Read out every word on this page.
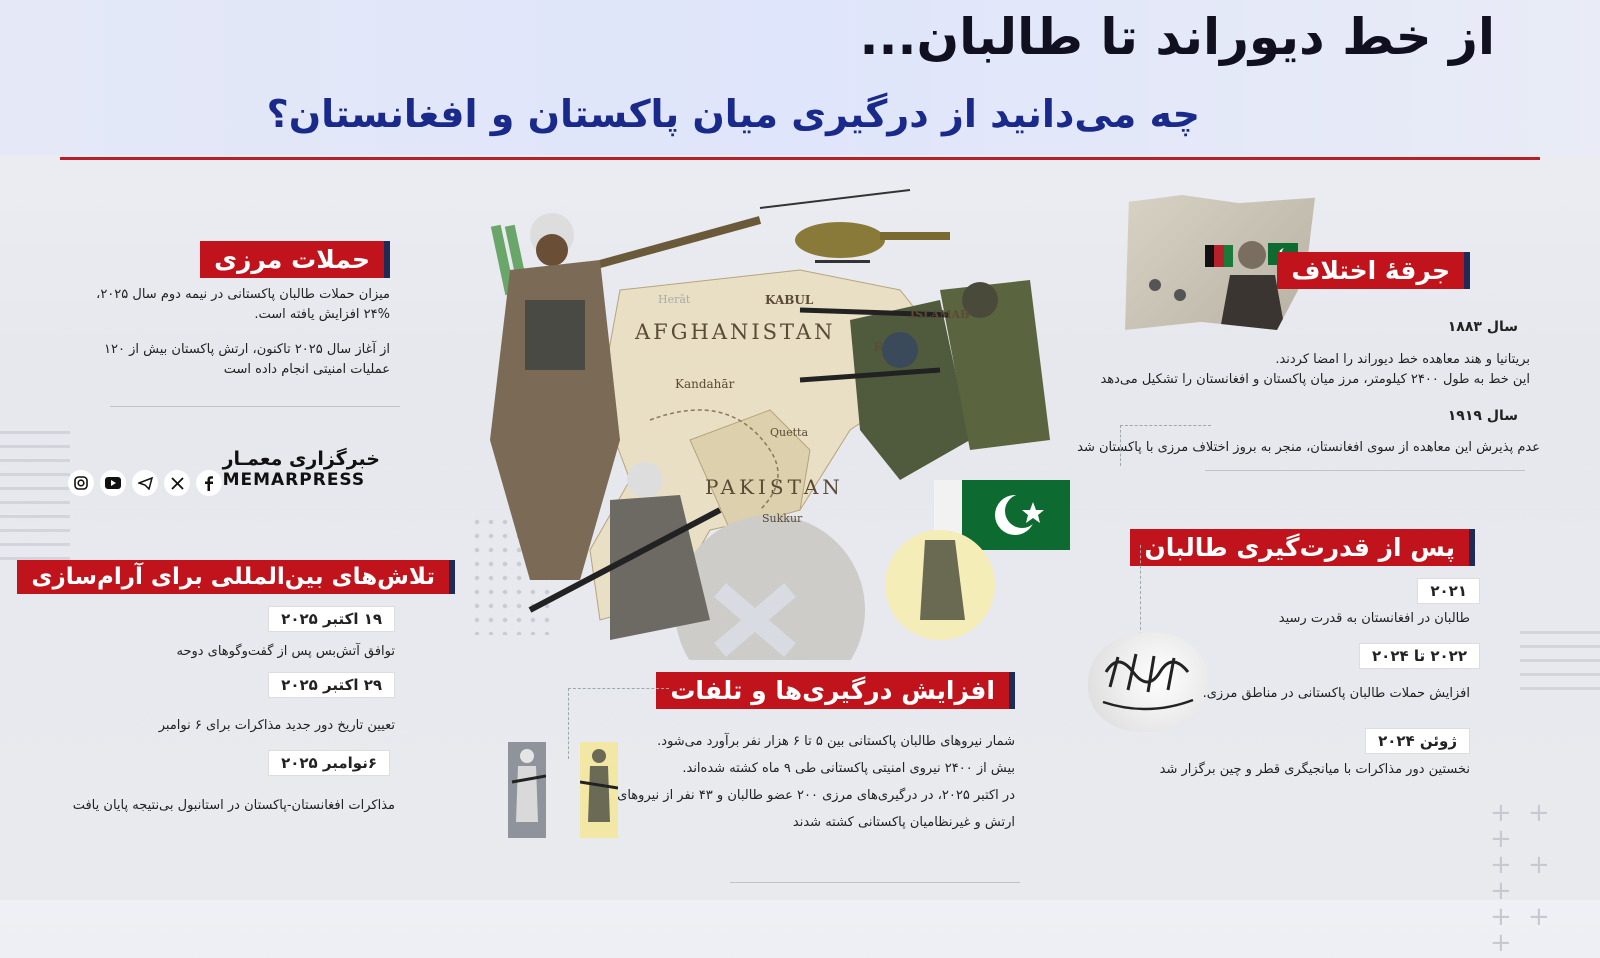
از خط دیوراند تا طالبان...
چه می‌دانید از درگیری میان پاکستان و افغانستان؟
+ + +
+ + +
+ + +
حملات مرزی
میزان حملات طالبان پاکستانی در نیمه دوم سال ۲۰۲۵،
۲۴% افزایش یافته است.
از آغاز سال ۲۰۲۵ تاکنون، ارتش پاکستان بیش از ۱۲۰
عملیات امنیتی انجام داده است
خبرگزاری معمـار
MEMARPRESS
تلاش‌های بین‌المللی برای آرام‌سازی
۱۹ اکتبر ۲۰۲۵
توافق آتش‌بس پس از گفت‌وگوهای دوحه
۲۹ اکتبر ۲۰۲۵
تعیین تاریخ دور جدید مذاکرات برای ۶ نوامبر
۶نوامبر ۲۰۲۵
مذاکرات افغانستان-پاکستان در استانبول بی‌نتیجه پایان یافت
AFGHANISTAN
PAKISTAN
KABUL
Herāt
Kandahār
Quetta
Sukkur
ISLAMAB
R
جرقهٔ اختلاف
سال ۱۸۸۳
بریتانیا و هند معاهده خط دیوراند را امضا کردند.
این خط به طول ۲۴۰۰ کیلومتر، مرز میان پاکستان و افغانستان را تشکیل می‌دهد
سال ۱۹۱۹
عدم پذیرش این معاهده از سوی افغانستان، منجر به بروز اختلاف مرزی با پاکستان شد
پس از قدرت‌گیری طالبان
۲۰۲۱
طالبان در افغانستان به قدرت رسید
۲۰۲۲ تا ۲۰۲۴
افزایش حملات طالبان پاکستانی در مناطق مرزی.
ژوئن ۲۰۲۴
نخستین دور مذاکرات با میانجیگری قطر و چین برگزار شد
افزایش درگیری‌ها و تلفات
شمار نیروهای طالبان پاکستانی بین ۵ تا ۶ هزار نفر برآورد می‌شود.
بیش از ۲۴۰۰ نیروی امنیتی پاکستانی طی ۹ ماه کشته شده‌اند.
در اکتبر ۲۰۲۵، در درگیری‌های مرزی ۲۰۰ عضو طالبان و ۴۳ نفر از نیروهای
ارتش و غیرنظامیان پاکستانی کشته شدند
